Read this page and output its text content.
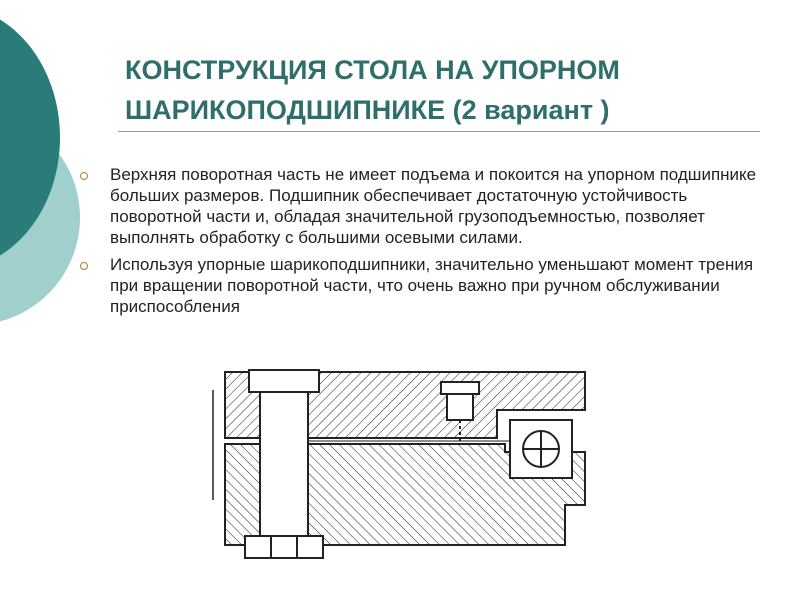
КОНСТРУКЦИЯ СТОЛА НА УПОРНОМ
ШАРИКОПОДШИПНИКЕ (2 вариант )
Верхняя поворотная часть не имеет подъема и покоится на упорном подшипнике больших размеров. Подшипник обеспечивает достаточную устойчивость поворотной части и, обладая значительной грузоподъемностью, позволяет выполнять обработку с большими осевыми силами.
Используя упорные шарикоподшипники, значительно уменьшают момент трения при вращении поворотной части, что очень важно при ручном обслуживании приспособления
